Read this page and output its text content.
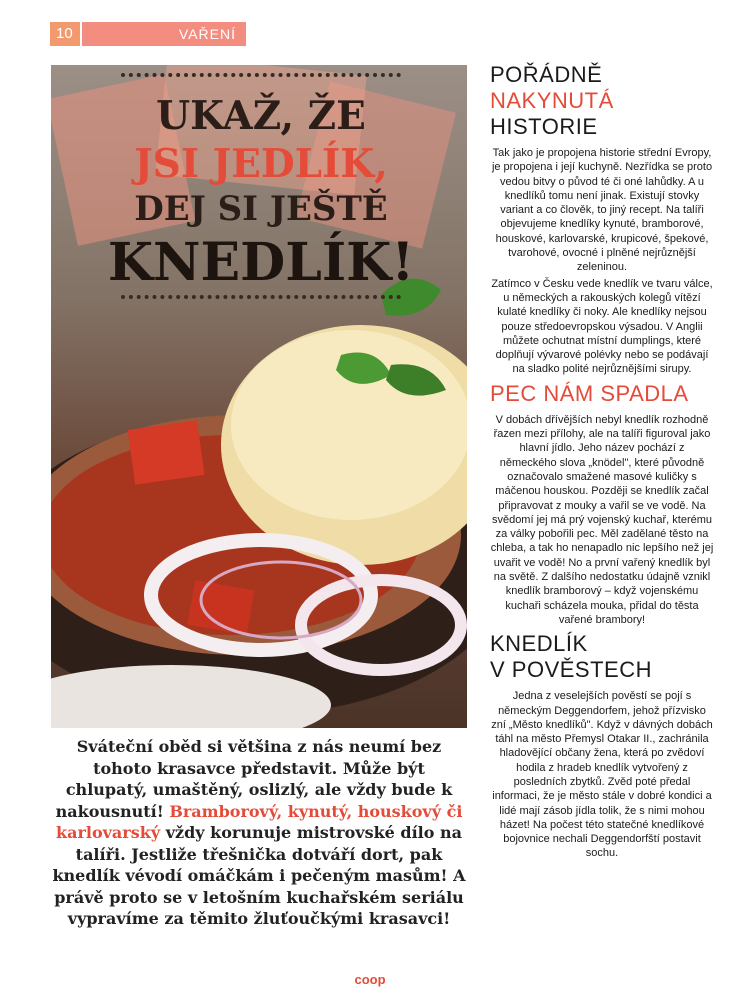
10	VAŘENÍ
UKAŽ, ŽE
JSI JEDLÍK,
DEJ SI JEŠTĚ
KNEDLÍK!
Sváteční oběd si většina z nás neumí bez tohoto krasavce představit. Může být chlupatý, umaštěný, oslizlý, ale vždy bude k nakousnutí! Bramborový, kynutý, houskový či karlovarský vždy korunuje mistrovské dílo na talíři. Jestliže třešnička dotváří dort, pak knedlík vévodí omáčkám i pečeným masům! A právě proto se v letošním kuchařském seriálu vypravíme za těmito žluťoučkými krasavci!
POŘÁDNĚ
NAKYNUTÁ
HISTORIE

Tak jako je propojena historie střední Evropy, je propojena i její kuchyně. Nezřídka se proto vedou bitvy o původ té či oné lahůdky. A u knedlíků tomu není jinak. Existují stovky variant a co člověk, to jiný recept. Na talíři objevujeme knedlíky kynuté, bramborové, houskové, karlovarské, krupicové, špekové, tvarohové, ovocné i plněné nejrůznější zeleninou.

Zatímco v Česku vede knedlík ve tvaru válce, u německých a rakouských kolegů vítězí kulaté knedlíky či noky. Ale knedlíky nejsou pouze středoevropskou výsadou. V Anglii můžete ochutnat místní dumplings, které doplňují vývarové polévky nebo se podávají na sladko polité nejrůznějšími sirupy.

PEC NÁM SPADLA

V dobách dřívějších nebyl knedlík rozhodně řazen mezi přílohy, ale na talíři figuroval jako hlavní jídlo. Jeho název pochází z německého slova „knödel", které původně označovalo smažené masové kuličky s máčenou houskou. Později se knedlík začal připravovat z mouky a vařil se ve vodě. Na svědomí jej má prý vojenský kuchař, kterému za války pobořili pec. Měl zadělané těsto na chleba, a tak ho nenapadlo nic lepšího než jej uvařit ve vodě! No a první vařený knedlík byl na světě. Z dalšího nedostatku údajně vznikl knedlík bramborový – když vojenskému kuchaři scházela mouka, přidal do těsta vařené brambory!

KNEDLÍK
V POVĚSTECH

Jedna z veselejších pověstí se pojí s německým Deggendorfem, jehož přízvisko zní „Město knedlíků". Když v dávných dobách táhl na město Přemysl Otakar II., zachránila hladovějící občany žena, která po zvědoví hodila z hradeb knedlík vytvořený z posledních zbytků. Zvěd poté předal informaci, že je město stále v dobré kondici a lidé mají zásob jídla tolik, že s nimi mohou házet! Na počest této statečné knedlíkové bojovnice nechali Deggendorfští postavit sochu.

coop
